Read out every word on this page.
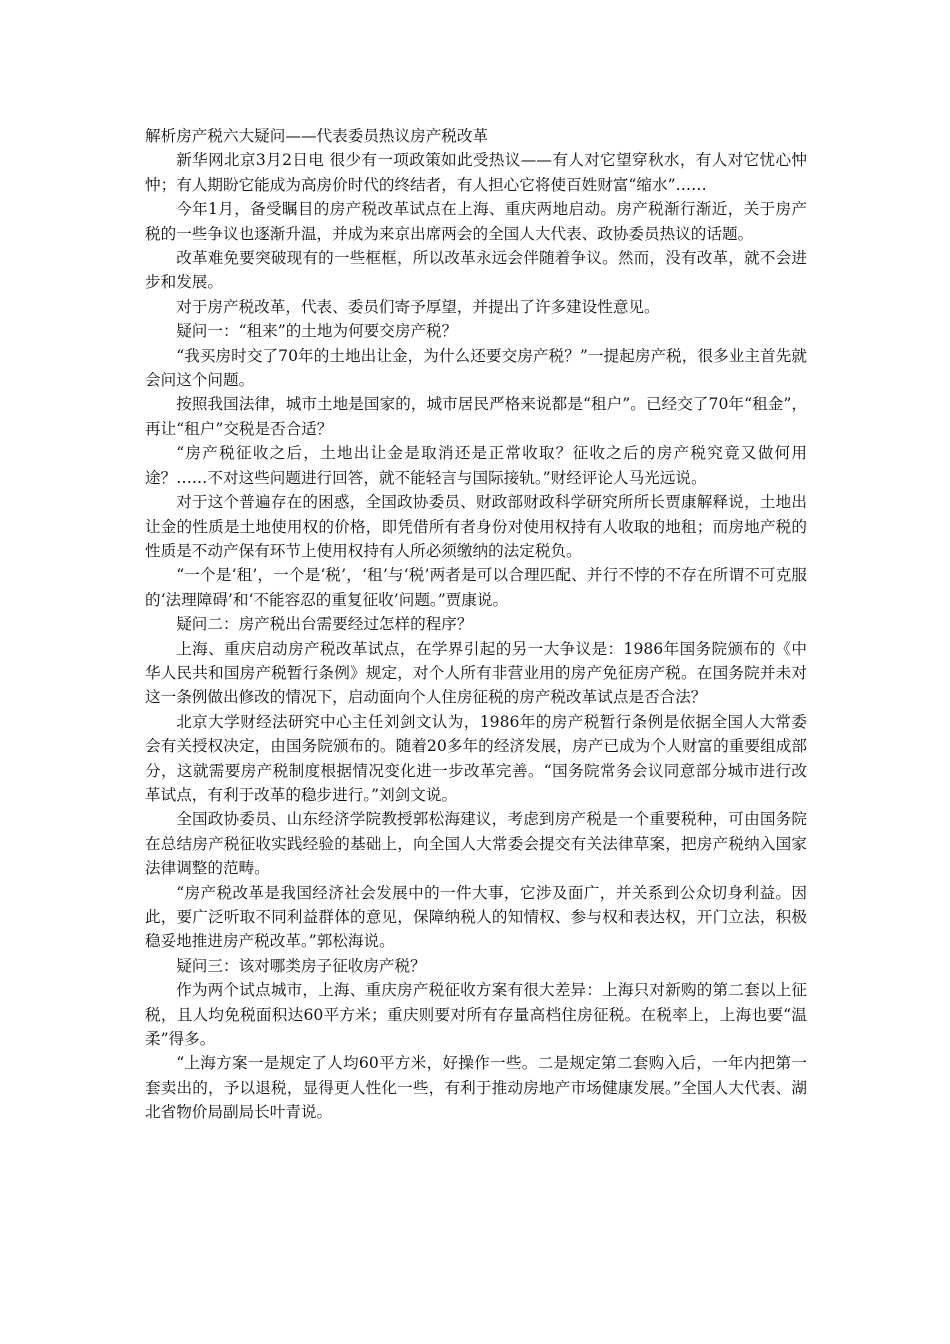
解析房产税六大疑问——代表委员热议房产税改革

新华网北京3月2日电 很少有一项政策如此受热议——有人对它望穿秋水，有人对它忧心忡忡；有人期盼它能成为高房价时代的终结者，有人担心它将使百姓财富“缩水”……

今年1月，备受瞩目的房产税改革试点在上海、重庆两地启动。房产税渐行渐近，关于房产税的一些争议也逐渐升温，并成为来京出席两会的全国人大代表、政协委员热议的话题。

改革难免要突破现有的一些框框，所以改革永远会伴随着争议。然而，没有改革，就不会进步和发展。

对于房产税改革，代表、委员们寄予厚望，并提出了许多建设性意见。

疑问一：“租来”的土地为何要交房产税？

“我买房时交了70年的土地出让金，为什么还要交房产税？”一提起房产税，很多业主首先就会问这个问题。

按照我国法律，城市土地是国家的，城市居民严格来说都是“租户”。已经交了70年“租金”，再让“租户”交税是否合适？

“房产税征收之后，土地出让金是取消还是正常收取？征收之后的房产税究竟又做何用途？……不对这些问题进行回答，就不能轻言与国际接轨。”财经评论人马光远说。

对于这个普遍存在的困惑，全国政协委员、财政部财政科学研究所所长贾康解释说，土地出让金的性质是土地使用权的价格，即凭借所有者身份对使用权持有人收取的地租；而房地产税的性质是不动产保有环节上使用权持有人所必须缴纳的法定税负。

“一个是‘租’，一个是‘税’，‘租’与‘税’两者是可以合理匹配、并行不悖的不存在所谓不可克服的‘法理障碍’和‘不能容忍的重复征收’问题。”贾康说。

疑问二：房产税出台需要经过怎样的程序？

上海、重庆启动房产税改革试点，在学界引起的另一大争议是：1986年国务院颁布的《中华人民共和国房产税暂行条例》规定，对个人所有非营业用的房产免征房产税。在国务院并未对这一条例做出修改的情况下，启动面向个人住房征税的房产税改革试点是否合法？

北京大学财经法研究中心主任刘剑文认为，1986年的房产税暂行条例是依据全国人大常委会有关授权决定，由国务院颁布的。随着20多年的经济发展，房产已成为个人财富的重要组成部分，这就需要房产税制度根据情况变化进一步改革完善。“国务院常务会议同意部分城市进行改革试点，有利于改革的稳步进行。”刘剑文说。

全国政协委员、山东经济学院教授郭松海建议，考虑到房产税是一个重要税种，可由国务院在总结房产税征收实践经验的基础上，向全国人大常委会提交有关法律草案，把房产税纳入国家法律调整的范畴。

“房产税改革是我国经济社会发展中的一件大事，它涉及面广，并关系到公众切身利益。因此，要广泛听取不同利益群体的意见，保障纳税人的知情权、参与权和表达权，开门立法，积极稳妥地推进房产税改革。”郭松海说。

疑问三：该对哪类房子征收房产税？

作为两个试点城市，上海、重庆房产税征收方案有很大差异：上海只对新购的第二套以上征税，且人均免税面积达60平方米；重庆则要对所有存量高档住房征税。在税率上，上海也要“温柔”得多。

“上海方案一是规定了人均60平方米，好操作一些。二是规定第二套购入后，一年内把第一套卖出的，予以退税，显得更人性化一些，有利于推动房地产市场健康发展。”全国人大代表、湖北省物价局副局长叶青说。
